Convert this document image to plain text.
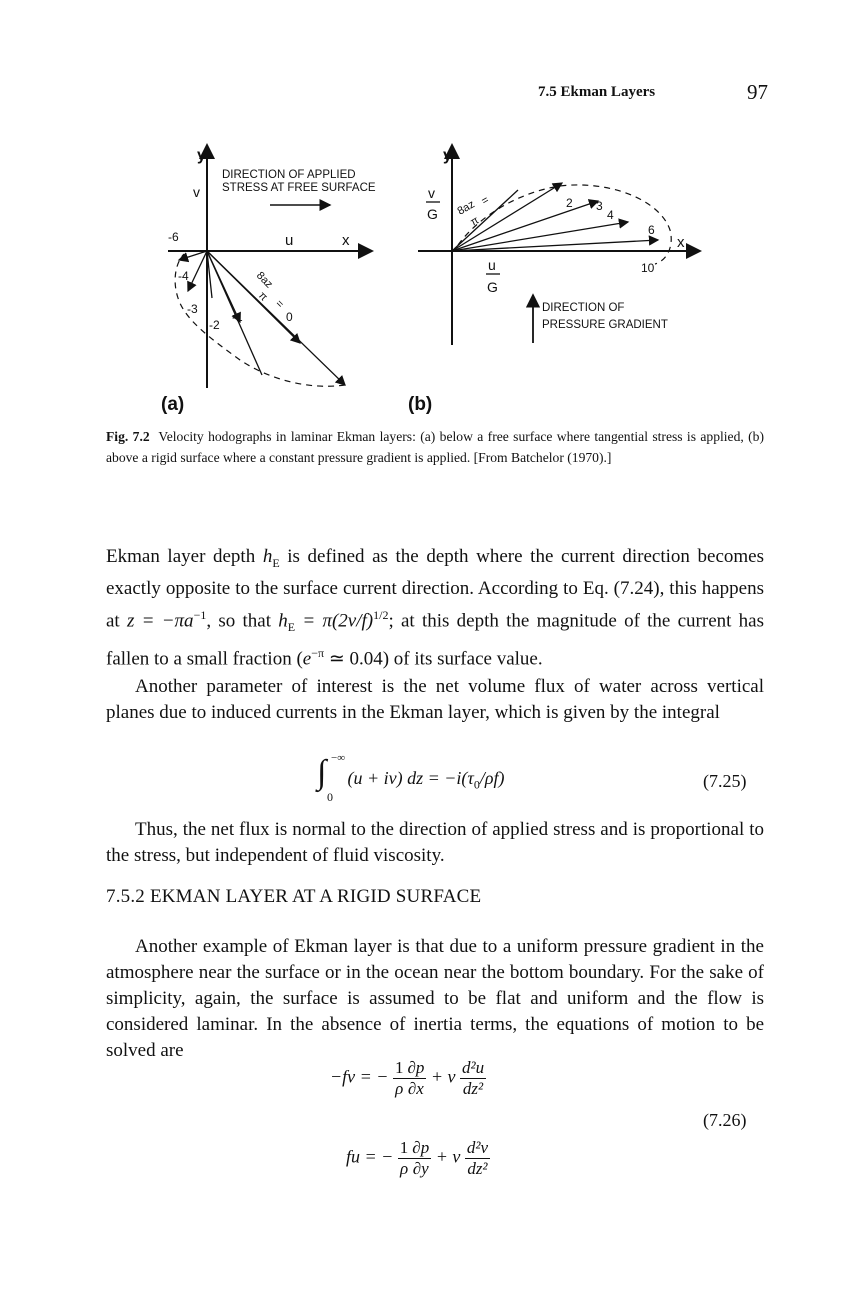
7.5 Ekman Layers	97
y
v
u	x
DIRECTION OF APPLIED
STRESS AT FREE SURFACE
-6
-4
-3
-2
-1	0
8az
π
=
(a)
y
x
v
G
u
G
2 3
4
6
10
8az
π
=
DIRECTION OF
PRESSURE GRADIENT
(b)
Fig. 7.2 Velocity hodographs in laminar Ekman layers: (a) below a free surface where tangential stress is applied, (b) above a rigid surface where a constant pressure gradient is applied. [From Batchelor (1970).]

Ekman layer depth $h_E$ is defined as the depth where the current direction becomes exactly opposite to the surface current direction. According to Eq. (7.24), this happens at $z = -\pi a^{-1}$, so that $h_E = \pi(2\nu/f)^{1/2}$; at this depth the magnitude of the current has fallen to a small fraction ($e^{-\pi}$ ≃ 0.04) of its surface value.

Another parameter of interest is the net volume flux of water across vertical planes due to induced currents in the Ekman layer, which is given by the integral

∫ −∞
0
(u + iv) dz = $-i(\tau_0/\rho f)$	(7.25)

Thus, the net flux is normal to the direction of applied stress and is proportional to the stress, but independent of fluid viscosity.

7.5.2 EKMAN LAYER AT A RIGID SURFACE

Another example of Ekman layer is that due to a uniform pressure gradient in the atmosphere near the surface or in the ocean near the bottom boundary. For the sake of simplicity, again, the surface is assumed to be flat and uniform and the flow is considered laminar. In the absence of inertia terms, the equations of motion to be solved are

−fv = − $\frac{1}{\rho} \frac{\partial p}{\partial x} + \nu \frac{\text{d²u}}{\text{dz²}}$
fu = − $\frac{1}{\rho} \frac{\partial p}{\partial y} + \nu \frac{\text{d²v}}{\text{dz²}}$
(7.26)
